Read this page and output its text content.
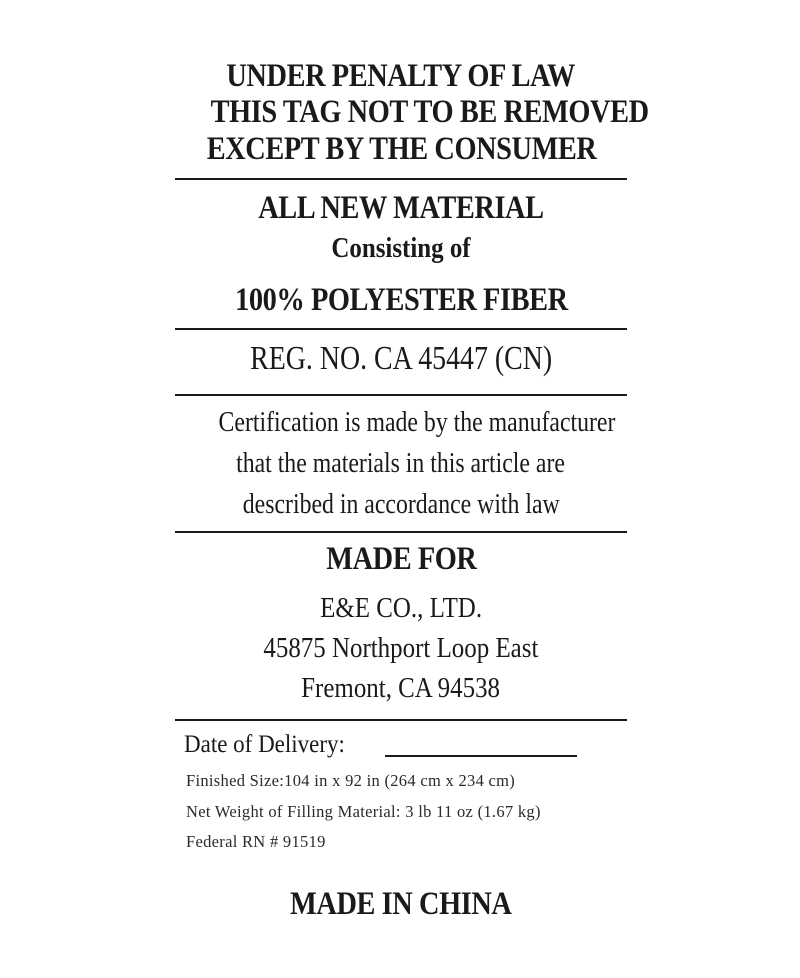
UNDER PENALTY OF LAW
THIS TAG NOT TO BE REMOVED
EXCEPT BY THE CONSUMER
ALL NEW MATERIAL
Consisting of
100% POLYESTER FIBER
REG. NO. CA 45447 (CN)
Certification is made by the manufacturer
that the materials in this article are
described in accordance with law
MADE FOR
E&E CO., LTD.
45875 Northport Loop East
Fremont, CA 94538
Date of Delivery:
Finished Size:104 in x 92 in (264 cm x 234 cm)
Net Weight of Filling Material: 3 lb 11 oz (1.67 kg)
Federal RN # 91519
MADE IN CHINA
